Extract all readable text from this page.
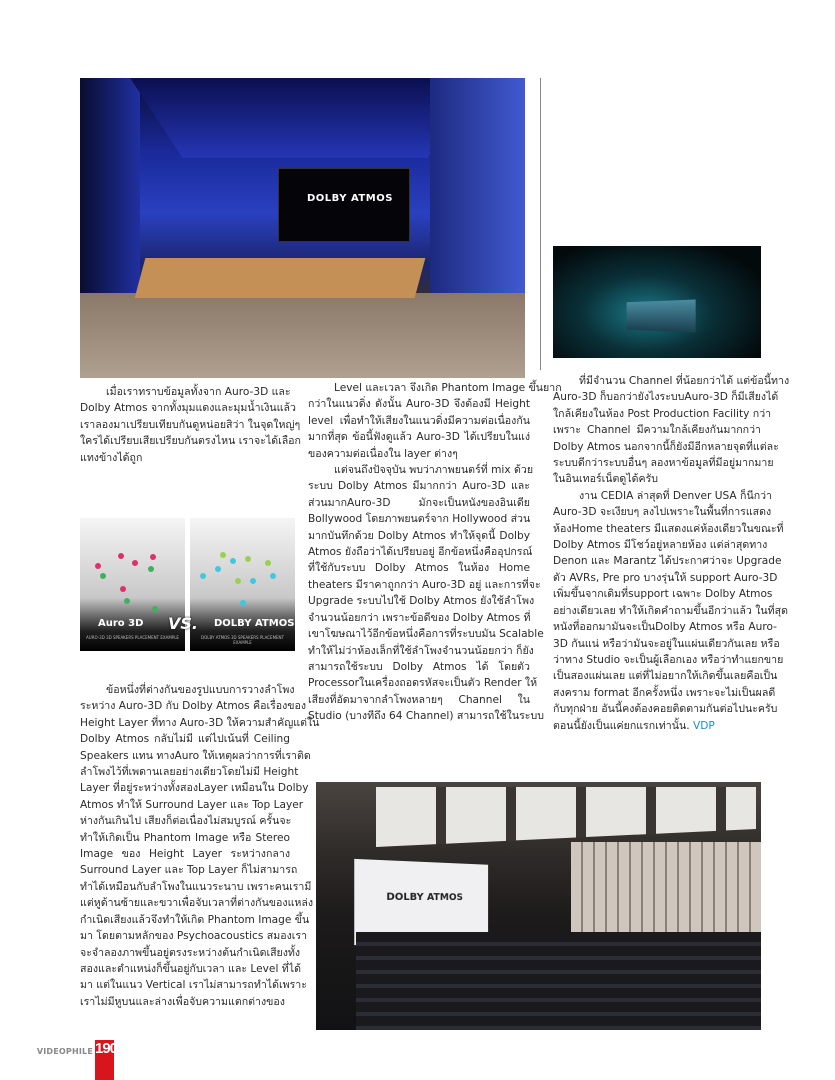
DOLBY ATMOS
Auro 3D
AURO-3D 3D SPEAKERS PLACEMENT EXAMPLE
DOLBY ATMOS
DOLBY ATMOS 3D SPEAKERS PLACEMENT EXAMPLE
VS.
DOLBY ATMOS
เมื่อเราทราบข้อมูลทั้งจาก Auro-3D และ
Dolby Atmos จากทั้งมุมแดงและมุมน้ำเงินแล้ว
เราลองมาเปรียบเทียบกันดูหน่อยสิว่า ในจุดใหญ่ๆ
ใครได้เปรียบเสียเปรียบกันตรงไหน เราจะได้เลือก
แทงข้างได้ถูก
ข้อหนึ่งที่ต่างกันของรูปแบบการวางลำโพง
ระหว่าง Auro-3D กับ Dolby Atmos คือเรื่องของ
Height Layer ที่ทาง Auro-3D ให้ความสำคัญแต่ใน
Dolby Atmos กลับไม่มี แต่ไปเน้นที่ Ceiling
Speakers แทน ทางAuro ให้เหตุผลว่าการที่เราติด
ลำโพงไว้ที่เพดานเลยอย่างเดียวโดยไม่มี Height
Layer ที่อยู่ระหว่างทั้งสองLayer เหมือนใน Dolby
Atmos ทำให้ Surround Layer และ Top Layer
ห่างกันเกินไป เสียงก็ต่อเนื่องไม่สมบูรณ์ ครั้นจะ
ทำให้เกิดเป็น Phantom Image หรือ Stereo
Image ของ Height Layer ระหว่างกลาง
Surround Layer และ Top Layer ก็ไม่สามารถ
ทำได้เหมือนกับลำโพงในแนวระนาบ เพราะคนเรามี
แต่หูด้านซ้ายและขวาเพื่อจับเวลาที่ต่างกันของแหล่ง
กำเนิดเสียงแล้วจึงทำให้เกิด Phantom Image ขึ้น
มา โดยตามหลักของ Psychoacoustics สมองเรา
จะจำลองภาพขึ้นอยู่ตรงระหว่างต้นกำเนิดเสียงทั้ง
สองและตำแหน่งก็ขึ้นอยู่กับเวลา และ Level ที่ได้
มา แต่ในแนว Vertical เราไม่สามารถทำได้เพราะ
เราไม่มีหูบนและล่างเพื่อจับความแตกต่างของ
Level และเวลา จึงเกิด Phantom Image ขึ้นยาก
กว่าในแนวดิ่ง ดังนั้น Auro-3D จึงต้องมี Height
level เพื่อทำให้เสียงในแนวดิ่งมีความต่อเนื่องกัน
มากที่สุด ข้อนี้ฟังดูแล้ว Auro-3D ได้เปรียบในแง่
ของความต่อเนื่องใน layer ต่างๆ
แต่จนถึงปัจจุบัน พบว่าภาพยนตร์ที่ mix ด้วย
ระบบ Dolby Atmos มีมากกว่า Auro-3D และ
ส่วนมากAuro-3D มักจะเป็นหนังของอินเดีย
Bollywood โดยภาพยนตร์จาก Hollywood ส่วน
มากบันทึกด้วย Dolby Atmos ทำให้จุดนี้ Dolby
Atmos ยังถือว่าได้เปรียบอยู่ อีกข้อหนึ่งคืออุปกรณ์
ที่ใช้กับระบบ Dolby Atmos ในห้อง Home
theaters มีราคาถูกกว่า Auro-3D อยู่ และการที่จะ
Upgrade ระบบไปใช้ Dolby Atmos ยังใช้ลำโพง
จำนวนน้อยกว่า เพราะข้อดีของ Dolby Atmos ที่
เขาโฆษณาไว้อีกข้อหนึ่งคือการที่ระบบมัน Scalable
ทำให้ไม่ว่าห้องเล็กที่ใช้ลำโพงจำนวนน้อยกว่า ก็ยัง
สามารถใช้ระบบ Dolby Atmos ได้ โดยตัว
Processorในเครื่องถอดรหัสจะเป็นตัว Render ให้
เสียงที่อัดมาจากลำโพงหลายๆ Channel ใน
Studio (บางทีถึง 64 Channel) สามารถใช้ในระบบ
ที่มีจำนวน Channel ที่น้อยกว่าได้ แต่ข้อนี้ทาง
Auro-3D ก็บอกว่ายังไงระบบAuro-3D ก็มีเสียงได้
ใกล้เคียงในห้อง Post Production Facility กว่า
เพราะ Channel มีความใกล้เคียงกันมากกว่า
Dolby Atmos นอกจากนี้ก็ยังมีอีกหลายจุดที่แต่ละ
ระบบดีกว่าระบบอื่นๆ ลองหาข้อมูลที่มีอยู่มากมาย
ในอินเทอร์เน็ตดูได้ครับ
งาน CEDIA ล่าสุดที่ Denver USA ก็นีกว่า
Auro-3D จะเงียบๆ ลงไปเพราะในพื้นที่การแสดง
ห้องHome theaters มีแสดงแค่ห้องเดียวในขณะที่
Dolby Atmos มีโชว์อยู่หลายห้อง แต่ล่าสุดทาง
Denon และ Marantz ได้ประกาศว่าจะ Upgrade
ตัว AVRs, Pre pro บางรุ่นให้ support Auro-3D
เพิ่มขึ้นจากเดิมที่support เฉพาะ Dolby Atmos
อย่างเดียวเลย ทำให้เกิดคำถามขึ้นอีกว่าแล้ว ในที่สุด
หนังที่ออกมามันจะเป็นDolby Atmos หรือ Auro-
3D กันแน่ หรือว่ามันจะอยู่ในแผ่นเดียวกันเลย หรือ
ว่าทาง Studio จะเป็นผู้เลือกเอง หรือว่าทำแยกขาย
เป็นสองแผ่นเลย แต่ที่ไม่อยากให้เกิดขึ้นเลยคือเป็น
สงคราม format อีกครั้งหนึ่ง เพราะจะไม่เป็นผลดี
กับทุกฝ่าย อันนี้คงต้องคอยติดตามกันต่อไปนะครับ
ตอนนี้ยังเป็นแค่ยกแรกเท่านั้น. VDP
VIDEOPHILE 190
